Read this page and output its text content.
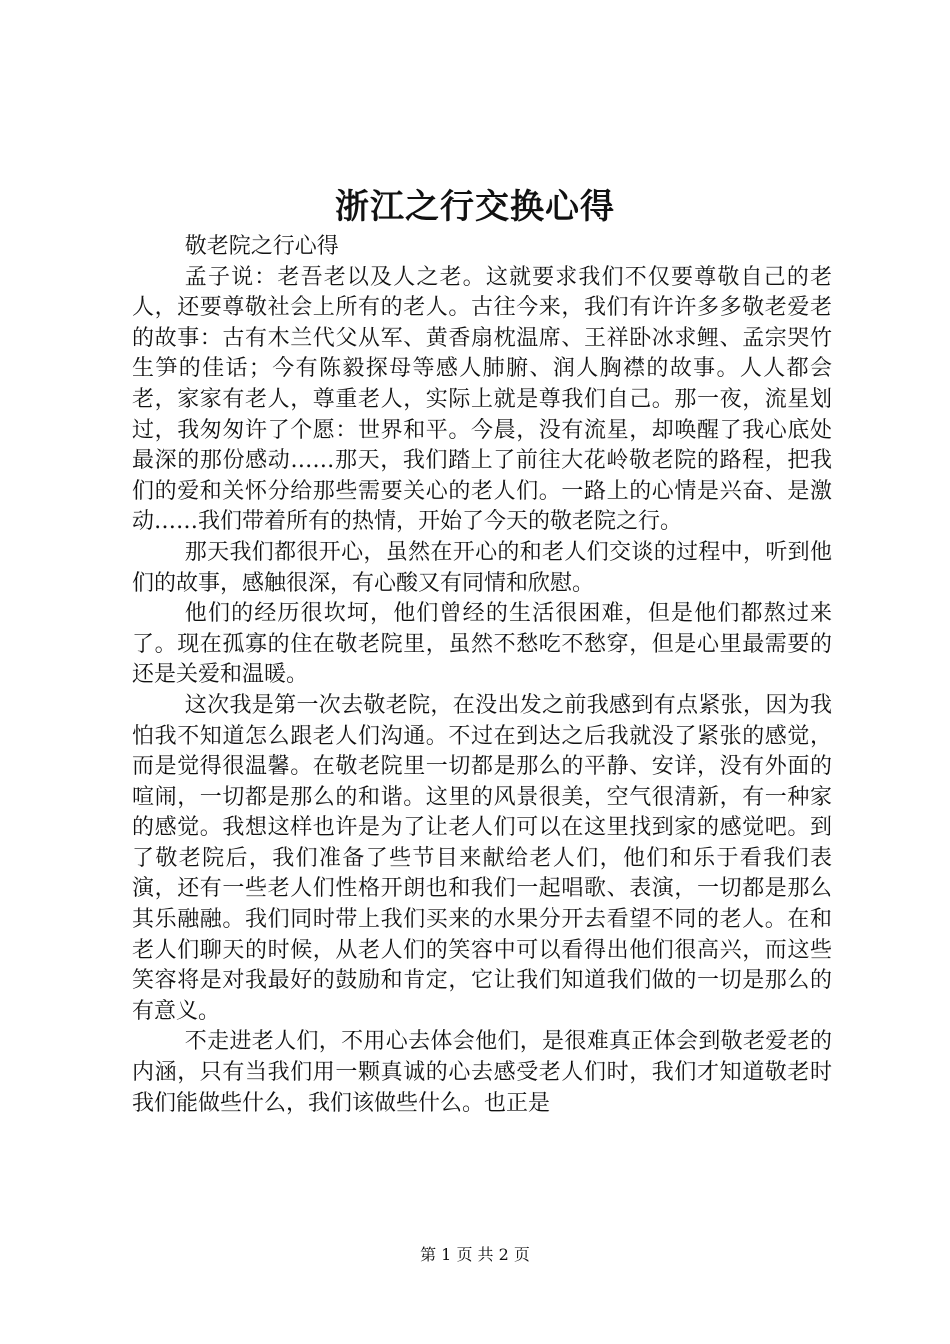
浙江之行交换心得

敬老院之行心得

孟子说：老吾老以及人之老。这就要求我们不仅要尊敬自己的老人，还要尊敬社会上所有的老人。古往今来，我们有许许多多敬老爱老的故事：古有木兰代父从军、黄香扇枕温席、王祥卧冰求鲤、孟宗哭竹生笋的佳话；今有陈毅探母等感人肺腑、润人胸襟的故事。人人都会老，家家有老人，尊重老人，实际上就是尊我们自己。那一夜，流星划过，我匆匆许了个愿：世界和平。今晨，没有流星，却唤醒了我心底处最深的那份感动……那天，我们踏上了前往大花岭敬老院的路程，把我们的爱和关怀分给那些需要关心的老人们。一路上的心情是兴奋、是激动……我们带着所有的热情，开始了今天的敬老院之行。

那天我们都很开心，虽然在开心的和老人们交谈的过程中，听到他们的故事，感触很深，有心酸又有同情和欣慰。

他们的经历很坎坷，他们曾经的生活很困难，但是他们都熬过来了。现在孤寡的住在敬老院里，虽然不愁吃不愁穿，但是心里最需要的还是关爱和温暖。

这次我是第一次去敬老院，在没出发之前我感到有点紧张，因为我怕我不知道怎么跟老人们沟通。不过在到达之后我就没了紧张的感觉，而是觉得很温馨。在敬老院里一切都是那么的平静、安详，没有外面的喧闹，一切都是那么的和谐。这里的风景很美，空气很清新，有一种家的感觉。我想这样也许是为了让老人们可以在这里找到家的感觉吧。到了敬老院后，我们准备了些节目来献给老人们，他们和乐于看我们表演，还有一些老人们性格开朗也和我们一起唱歌、表演，一切都是那么其乐融融。我们同时带上我们买来的水果分开去看望不同的老人。在和老人们聊天的时候，从老人们的笑容中可以看得出他们很高兴，而这些笑容将是对我最好的鼓励和肯定，它让我们知道我们做的一切是那么的有意义。

不走进老人们，不用心去体会他们，是很难真正体会到敬老爱老的内涵，只有当我们用一颗真诚的心去感受老人们时，我们才知道敬老时我们能做些什么，我们该做些什么。也正是

第 1 页 共 2 页
